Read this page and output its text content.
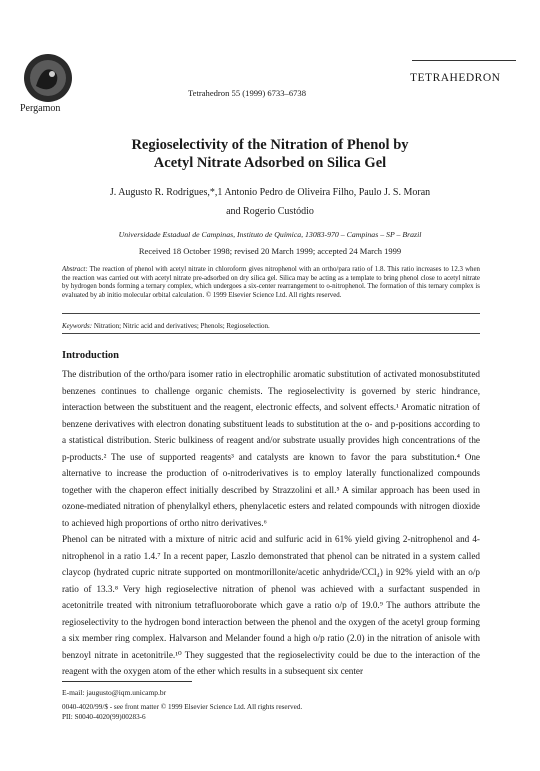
Pergamon
TETRAHEDRON
Tetrahedron 55 (1999) 6733–6738
Regioselectivity of the Nitration of Phenol by
Acetyl Nitrate Adsorbed on Silica Gel
J. Augusto R. Rodrigues,*,1 Antonio Pedro de Oliveira Filho, Paulo J. S. Moran
and Rogerio Custódio
Universidade Estadual de Campinas, Instituto de Química, 13083-970 – Campinas – SP – Brazil
Received 18 October 1998; revised 20 March 1999; accepted 24 March 1999
Abstract: The reaction of phenol with acetyl nitrate in chloroform gives nitrophenol with an ortho/para ratio of 1.8. This ratio increases to 12.3 when the reaction was carried out with acetyl nitrate pre-adsorbed on dry silica gel. Silica may be acting as a template to bring phenol close to acetyl nitrate by hydrogen bonds forming a ternary complex, which undergoes a six-center rearrangement to o-nitrophenol. The formation of this ternary complex is evaluated by ab initio molecular orbital calculation. © 1999 Elsevier Science Ltd. All rights reserved.
Keywords: Nitration; Nitric acid and derivatives; Phenols; Regioselection.
Introduction

The distribution of the ortho/para isomer ratio in electrophilic aromatic substitution of activated monosubstituted benzenes continues to challenge organic chemists. The regioselectivity is governed by steric hindrance, interaction between the substituent and the reagent, electronic effects, and solvent effects.¹ Aromatic nitration of benzene derivatives with electron donating substituent leads to substitution at the o- and p-positions according to a statistical distribution. Steric bulkiness of reagent and/or substrate usually provides high concentrations of the p-products.² The use of supported reagents³ and catalysts are known to favor the para substitution.⁴ One alternative to increase the production of o-nitroderivatives is to employ laterally functionalized compounds together with the chaperon effect initially described by Strazzolini et all.⁵ A similar approach has been used in ozone-mediated nitration of phenylalkyl ethers, phenylacetic esters and related compounds with nitrogen dioxide to achieved high proportions of ortho nitro derivatives.⁶

Phenol can be nitrated with a mixture of nitric acid and sulfuric acid in 61% yield giving 2-nitrophenol and 4-nitrophenol in a ratio 1.4.⁷ In a recent paper, Laszlo demonstrated that phenol can be nitrated in a system called claycop (hydrated cupric nitrate supported on montmorillonite/acetic anhydride/CCl₄) in 92% yield with an o/p ratio of 13.3.⁸ Very high regioselective nitration of phenol was achieved with a surfactant suspended in acetonitrile treated with nitronium tetrafluoroborate which gave a ratio o/p of 19.0.⁹ The authors attribute the regioselectivity to the hydrogen bond interaction between the phenol and the oxygen of the acetyl group forming a six member ring complex. Halvarson and Melander found a high o/p ratio (2.0) in the nitration of anisole with benzoyl nitrate in acetonitrile.¹⁰ They suggested that the regioselectivity could be due to the interaction of the reagent with the oxygen atom of the ether which results in a subsequent six center

E-mail: jaugusto@iqm.unicamp.br
0040-4020/99/$ - see front matter © 1999 Elsevier Science Ltd. All rights reserved.
PII: S0040-4020(99)00283-6
